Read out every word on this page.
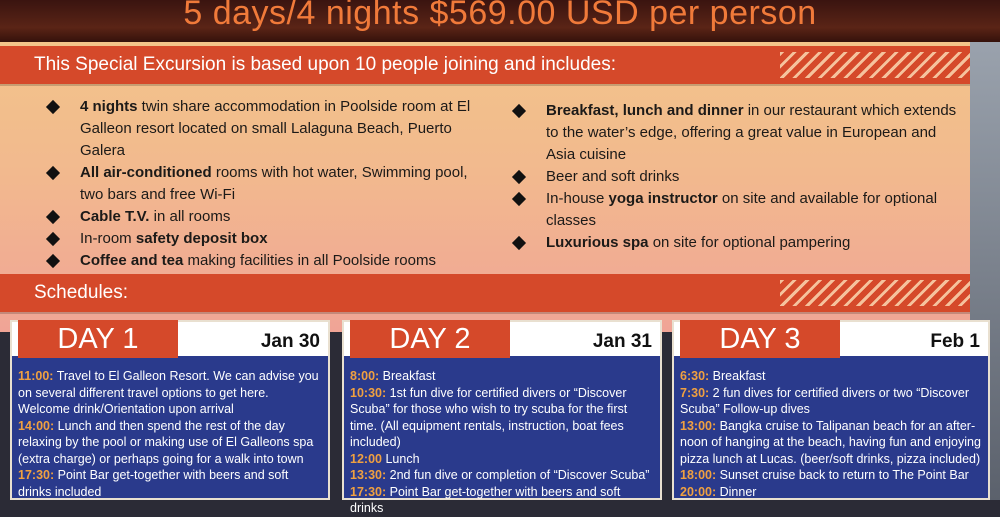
5 days/4 nights $569.00 USD per person
This Special Excursion is based upon 10 people joining and includes:
4 nights twin share accommodation in Poolside room at El Galleon resort located on small Lalaguna Beach, Puerto Galera
All air-conditioned rooms with hot water, Swimming pool, two bars and free Wi-Fi
Cable T.V. in all rooms
In-room safety deposit box
Coffee and tea making facilities in all Poolside rooms
Breakfast, lunch and dinner in our restaurant which extends to the water’s edge, offering a great value in European and Asia cuisine
Beer and soft drinks
In-house yoga instructor on site and available for optional classes
Luxurious spa on site for optional pampering
Schedules:
DAY 1	Jan 30
11:00: Travel to El Galleon Resort. We can advise you on several different travel options to get here. Welcome drink/Orientation upon arrival
14:00: Lunch and then spend the rest of the day relaxing by the pool or making use of El Galleons spa (extra charge) or perhaps going for a walk into town
17:30: Point Bar get-together with beers and soft drinks included
DAY 2	Jan 31
8:00: Breakfast
10:30: 1st fun dive for certified divers or “Discover Scuba” for those who wish to try scuba for the first time. (All equipment rentals, instruction, boat fees included)
12:00 Lunch
13:30: 2nd fun dive or completion of “Discover Scuba”
17:30: Point Bar get-together with beers and soft drinks
DAY 3	Feb 1
6:30: Breakfast
7:30: 2 fun dives for certified divers or two “Discover Scuba” Follow-up dives
13:00: Bangka cruise to Talipanan beach for an after-noon of hanging at the beach, having fun and enjoying pizza lunch at Lucas. (beer/soft drinks, pizza included)
18:00: Sunset cruise back to return to The Point Bar
20:00: Dinner
